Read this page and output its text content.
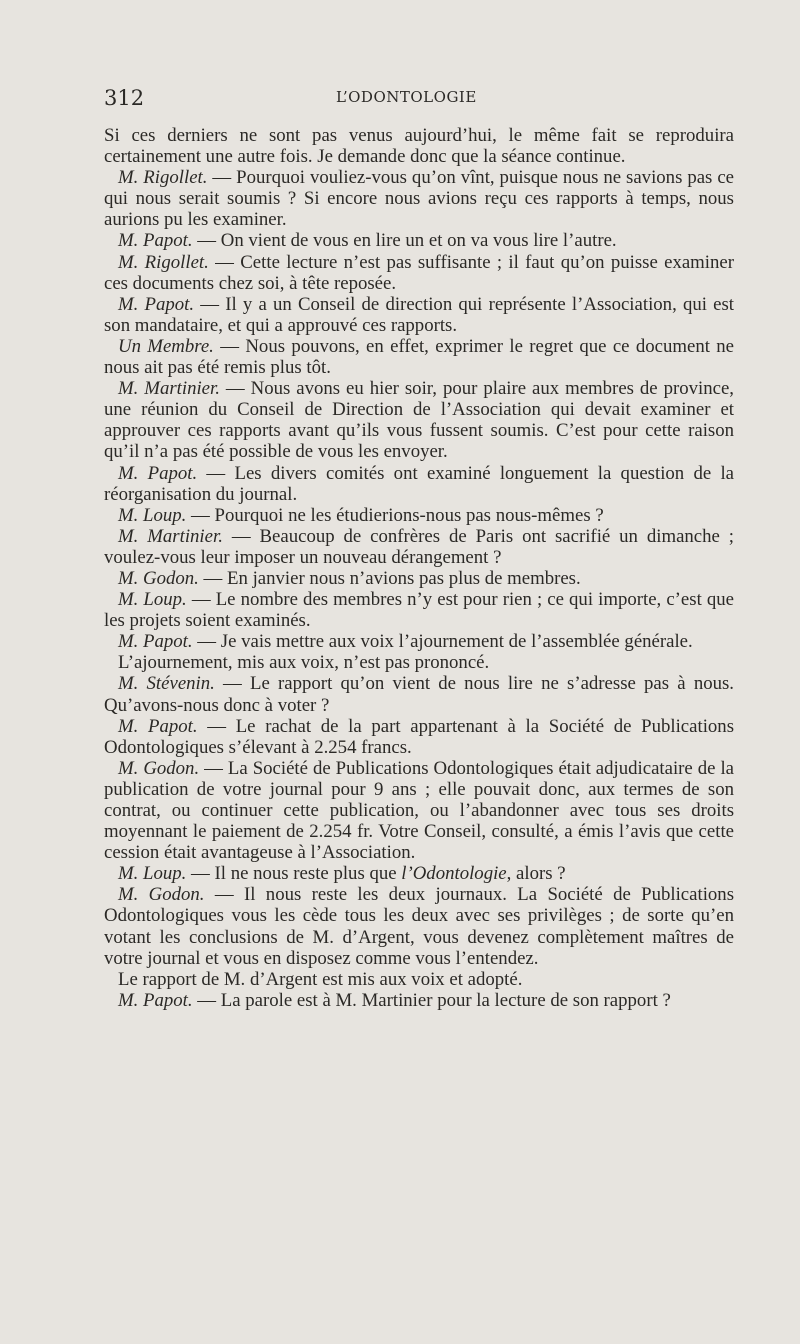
312	L’ODONTOLOGIE

Si ces derniers ne sont pas venus aujourd’hui, le même fait se reproduira certainement une autre fois. Je demande donc que la séance continue.

M. Rigollet. — Pourquoi vouliez-vous qu’on vînt, puisque nous ne savions pas ce qui nous serait soumis ? Si encore nous avions reçu ces rapports à temps, nous aurions pu les examiner.

M. Papot. — On vient de vous en lire un et on va vous lire l’autre.

M. Rigollet. — Cette lecture n’est pas suffisante ; il faut qu’on puisse examiner ces documents chez soi, à tête reposée.

M. Papot. — Il y a un Conseil de direction qui représente l’Association, qui est son mandataire, et qui a approuvé ces rapports.

Un Membre. — Nous pouvons, en effet, exprimer le regret que ce document ne nous ait pas été remis plus tôt.

M. Martinier. — Nous avons eu hier soir, pour plaire aux membres de province, une réunion du Conseil de Direction de l’Association qui devait examiner et approuver ces rapports avant qu’ils vous fussent soumis. C’est pour cette raison qu’il n’a pas été possible de vous les envoyer.

M. Papot. — Les divers comités ont examiné longuement la question de la réorganisation du journal.

M. Loup. — Pourquoi ne les étudierions-nous pas nous-mêmes ?

M. Martinier. — Beaucoup de confrères de Paris ont sacrifié un dimanche ; voulez-vous leur imposer un nouveau dérangement ?

M. Godon. — En janvier nous n’avions pas plus de membres.

M. Loup. — Le nombre des membres n’y est pour rien ; ce qui importe, c’est que les projets soient examinés.

M. Papot. — Je vais mettre aux voix l’ajournement de l’assemblée générale.

L’ajournement, mis aux voix, n’est pas prononcé.

M. Stévenin. — Le rapport qu’on vient de nous lire ne s’adresse pas à nous. Qu’avons-nous donc à voter ?

M. Papot. — Le rachat de la part appartenant à la Société de Publications Odontologiques s’élevant à 2.254 francs.

M. Godon. — La Société de Publications Odontologiques était adjudicataire de la publication de votre journal pour 9 ans ; elle pouvait donc, aux termes de son contrat, ou continuer cette publication, ou l’abandonner avec tous ses droits moyennant le paiement de 2.254 fr. Votre Conseil, consulté, a émis l’avis que cette cession était avantageuse à l’Association.

M. Loup. — Il ne nous reste plus que l’Odontologie, alors ?

M. Godon. — Il nous reste les deux journaux. La Société de Publications Odontologiques vous les cède tous les deux avec ses privilèges ; de sorte qu’en votant les conclusions de M. d’Argent, vous devenez complètement maîtres de votre journal et vous en disposez comme vous l’entendez.

Le rapport de M. d’Argent est mis aux voix et adopté.

M. Papot. — La parole est à M. Martinier pour la lecture de son rapport ?
